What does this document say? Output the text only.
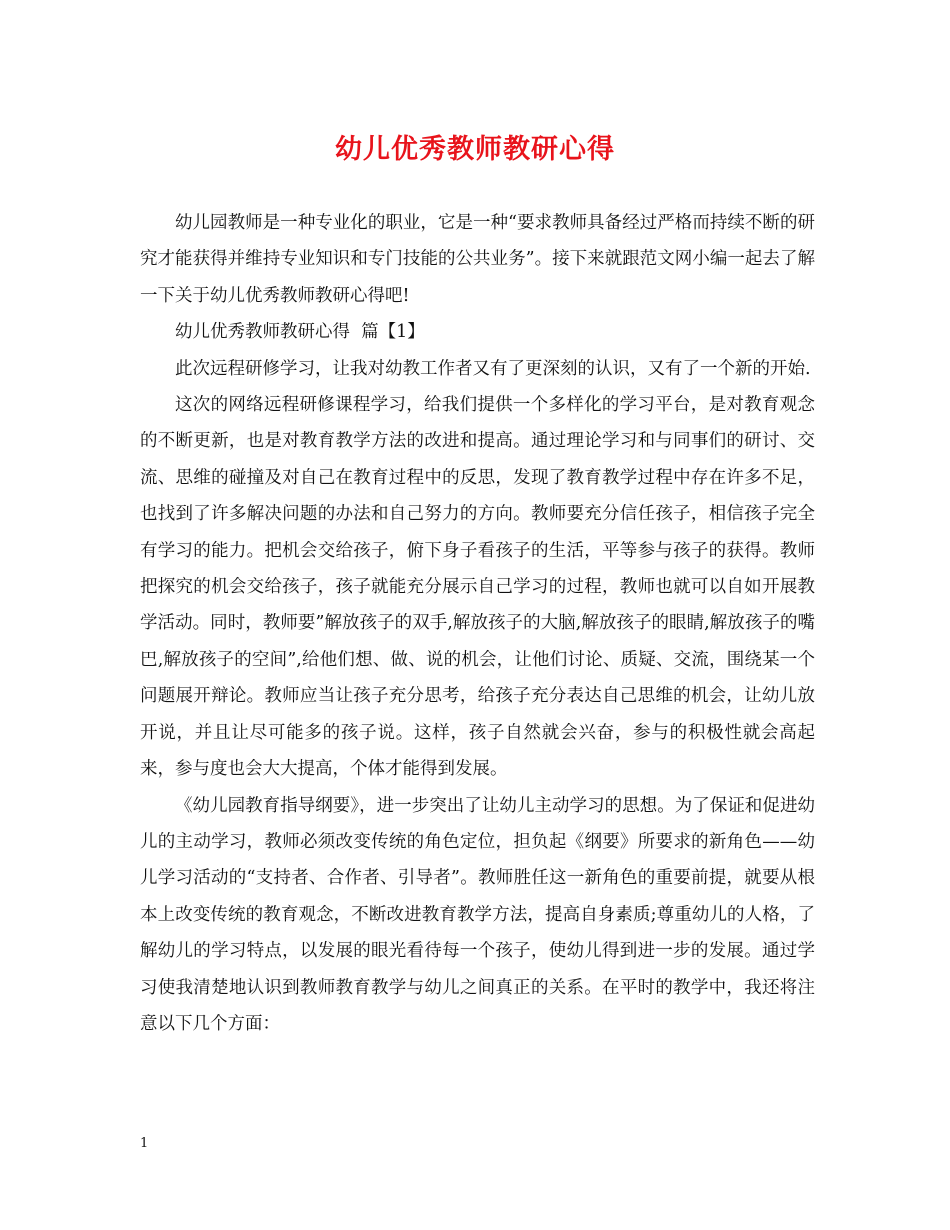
幼儿优秀教师教研心得

幼儿园教师是一种专业化的职业，它是一种“要求教师具备经过严格而持续不断的研究才能获得并维持专业知识和专门技能的公共业务”。接下来就跟范文网小编一起去了解一下关于幼儿优秀教师教研心得吧!

幼儿优秀教师教研心得  篇【1】

此次远程研修学习，让我对幼教工作者又有了更深刻的认识，又有了一个新的开始.

这次的网络远程研修课程学习，给我们提供一个多样化的学习平台，是对教育观念的不断更新，也是对教育教学方法的改进和提高。通过理论学习和与同事们的研讨、交流、思维的碰撞及对自己在教育过程中的反思，发现了教育教学过程中存在许多不足，也找到了许多解决问题的办法和自己努力的方向。教师要充分信任孩子，相信孩子完全有学习的能力。把机会交给孩子，俯下身子看孩子的生活，平等参与孩子的获得。教师把探究的机会交给孩子，孩子就能充分展示自己学习的过程，教师也就可以自如开展教学活动。同时，教师要”解放孩子的双手,解放孩子的大脑,解放孩子的眼睛,解放孩子的嘴巴,解放孩子的空间”,给他们想、做、说的机会，让他们讨论、质疑、交流，围绕某一个问题展开辩论。教师应当让孩子充分思考，给孩子充分表达自己思维的机会，让幼儿放开说，并且让尽可能多的孩子说。这样，孩子自然就会兴奋，参与的积极性就会高起来，参与度也会大大提高，个体才能得到发展。

《幼儿园教育指导纲要》，进一步突出了让幼儿主动学习的思想。为了保证和促进幼儿的主动学习，教师必须改变传统的角色定位，担负起《纲要》所要求的新角色——幼儿学习活动的“支持者、合作者、引导者”。教师胜任这一新角色的重要前提，就要从根本上改变传统的教育观念，不断改进教育教学方法，提高自身素质;尊重幼儿的人格，了解幼儿的学习特点，以发展的眼光看待每一个孩子，使幼儿得到进一步的发展。通过学习使我清楚地认识到教师教育教学与幼儿之间真正的关系。在平时的教学中，我还将注意以下几个方面：

1
